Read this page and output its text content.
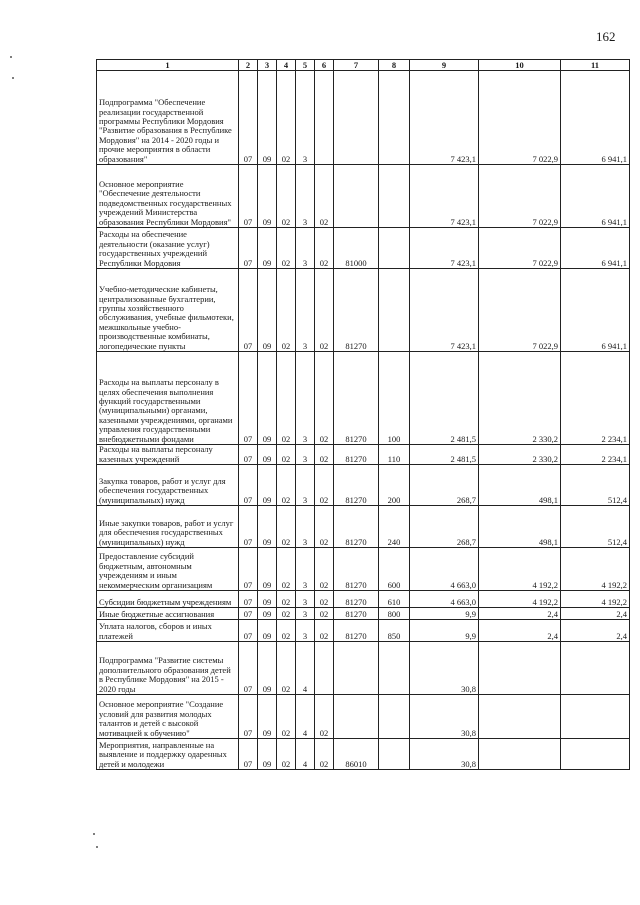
162
1	2	3	4	5	6	7	8	9	10	11
Подпрограмма "Обеспечение реализации государственной программы Республики Мордовия "Развитие образования в Республике Мордовия" на 2014 - 2020 годы и прочие мероприятия в области образования"	07	09	02	3				7 423,1	7 022,9	6 941,1
Основное мероприятие "Обеспечение деятельности подведомственных государственных учреждений Министерства образования Республики Мордовия"	07	09	02	3	02			7 423,1	7 022,9	6 941,1
Расходы на обеспечение деятельности (оказание услуг) государственных учреждений Республики Мордовия	07	09	02	3	02	81000		7 423,1	7 022,9	6 941,1
Учебно-методические кабинеты, централизованные бухгалтерии, группы хозяйственного обслуживания, учебные фильмотеки, межшкольные учебно-производственные комбинаты, логопедические пункты	07	09	02	3	02	81270		7 423,1	7 022,9	6 941,1
Расходы на выплаты персоналу в целях обеспечения выполнения функций государственными (муниципальными) органами, казенными учреждениями, органами управления государственными внебюджетными фондами	07	09	02	3	02	81270	100	2 481,5	2 330,2	2 234,1
Расходы на выплаты персоналу казенных учреждений	07	09	02	3	02	81270	110	2 481,5	2 330,2	2 234,1
Закупка товаров, работ и услуг для обеспечения государственных (муниципальных) нужд	07	09	02	3	02	81270	200	268,7	498,1	512,4
Иные закупки товаров, работ и услуг для обеспечения государственных (муниципальных) нужд	07	09	02	3	02	81270	240	268,7	498,1	512,4
Предоставление субсидий бюджетным, автономным учреждениям и иным некоммерческим организациям	07	09	02	3	02	81270	600	4 663,0	4 192,2	4 192,2
Субсидии бюджетным учреждениям	07	09	02	3	02	81270	610	4 663,0	4 192,2	4 192,2
Иные бюджетные ассигнования	07	09	02	3	02	81270	800	9,9	2,4	2,4
Уплата налогов, сборов и иных платежей	07	09	02	3	02	81270	850	9,9	2,4	2,4
Подпрограмма "Развитие системы дополнительного образования детей в Республике Мордовия" на 2015 - 2020 годы	07	09	02	4				30,8		
Основное мероприятие "Создание условий для развития молодых талантов и детей с высокой мотивацией к обучению"	07	09	02	4	02			30,8		
Мероприятия, направленные на выявление и поддержку одаренных детей и молодежи	07	09	02	4	02	86010		30,8		
